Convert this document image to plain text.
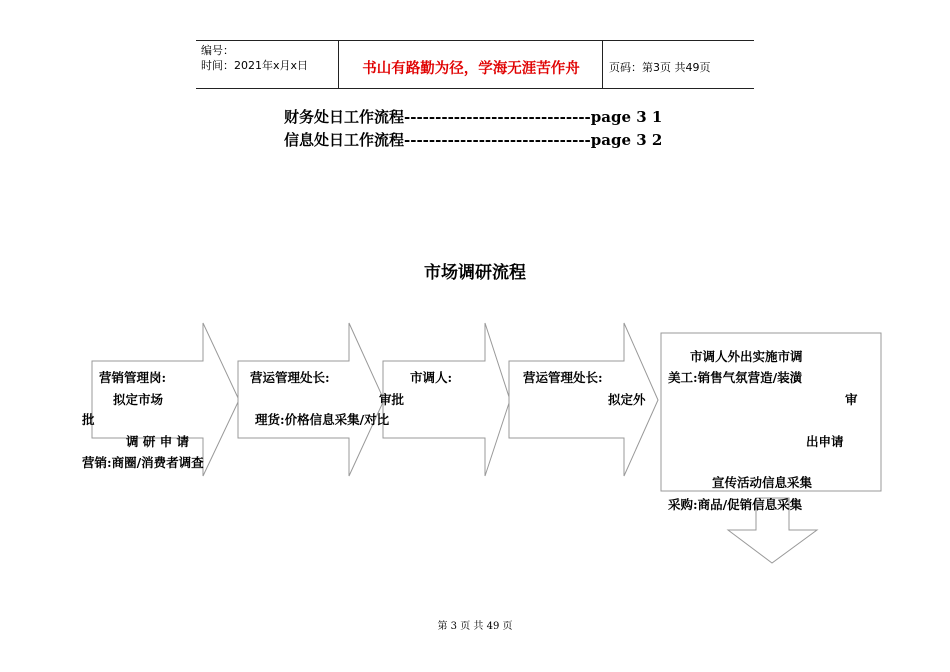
编号：
时间：2021年x月x日	书山有路勤为径，学海无涯苦作舟	页码：第3页 共49页
财务处日工作流程------------------------------page 3 1
信息处日工作流程------------------------------page 3 2
市场调研流程
营销管理岗:
拟定市场
批
调 研 申 请
营销:商圈/消费者调查
营运管理处长:
审批
理货:价格信息采集/对比
市调人:	营运管理处长:
拟定外
市调人外出实施市调
美工:销售气氛营造/装潢
审
出申请
宣传活动信息采集
采购:商品/促销信息采集
第 3 页 共 49 页
